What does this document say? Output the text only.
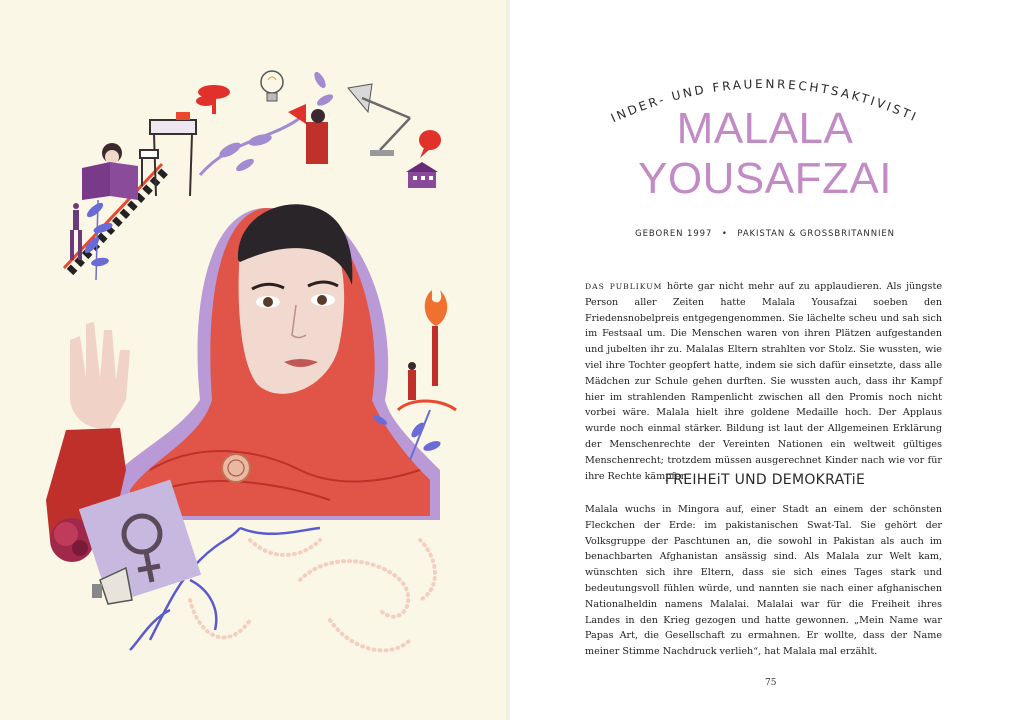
KINDER- UND FRAUENRECHTSAKTIVISTIN
MALALA
YOUSAFZAI
GEBOREN 1997 • PAKISTAN & GROSSBRITANNIEN

DAS PUBLIKUM hörte gar nicht mehr auf zu applaudieren. Als jüngste Person aller Zeiten hatte Malala Yousafzai soeben den Friedensnobelpreis entgegengenommen. Sie lächelte scheu und sah sich im Festsaal um. Die Menschen waren von ihren Plätzen aufgestanden und jubelten ihr zu. Malalas Eltern strahlten vor Stolz. Sie wussten, wie viel ihre Tochter geopfert hatte, indem sie sich dafür einsetzte, dass alle Mädchen zur Schule gehen durften. Sie wussten auch, dass ihr Kampf hier im strahlenden Rampenlicht zwischen all den Promis noch nicht vorbei wäre. Malala hielt ihre goldene Medaille hoch. Der Applaus wurde noch einmal stärker. Bildung ist laut der Allgemeinen Erklärung der Menschenrechte der Vereinten Nationen ein weltweit gültiges Menschenrecht; trotzdem müssen ausgerechnet Kinder nach wie vor für ihre Rechte kämpfen.

FREIHEiT UND DEMOKRATiE

Malala wuchs in Mingora auf, einer Stadt an einem der schönsten Fleckchen der Erde: im pakistanischen Swat-Tal. Sie gehört der Volksgruppe der Paschtunen an, die sowohl in Pakistan als auch im benachbarten Afghanistan ansässig sind. Als Malala zur Welt kam, wünschten sich ihre Eltern, dass sie sich eines Tages stark und bedeutungsvoll fühlen würde, und nannten sie nach einer afghanischen Nationalheldin namens Malalai. Malalai war für die Freiheit ihres Landes in den Krieg gezogen und hatte gewonnen. „Mein Name war Papas Art, die Gesellschaft zu ermahnen. Er wollte, dass der Name meiner Stimme Nachdruck verlieh“, hat Malala mal erzählt.

75
